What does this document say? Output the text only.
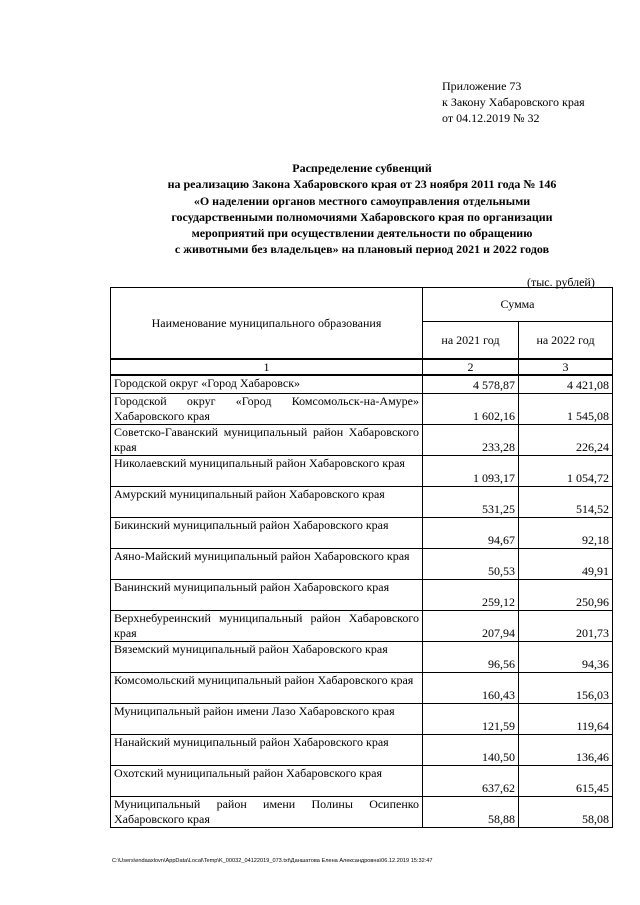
Приложение 73
к Закону Хабаровского края
от 04.12.2019 № 32
Распределение субвенций
на реализацию Закона Хабаровского края от 23 ноября 2011 года № 146
«О наделении органов местного самоуправления отдельными
государственными полномочиями Хабаровского края по организации
мероприятий при осуществлении деятельности по обращению
с животными без владельцев» на плановый период 2021 и 2022 годов
(тыс. рублей)
Наименование муниципального образования	Сумма	
	на 2021 год	на 2022 год
1	2	3
Городской округ «Город Хабаровск»	4 578,87	4 421,08
Городской округ «Город Комсомольск-на-Амуре» Хабаровского края	1 602,16	1 545,08
Советско-Гаванский муниципальный район Хабаровского края	233,28	226,24
Николаевский муниципальный район Хабаровского края	1 093,17	1 054,72
Амурский муниципальный район Хабаровского края	531,25	514,52
Бикинский муниципальный район Хабаровского края	94,67	92,18
Аяно-Майский муниципальный район Хабаровского края	50,53	49,91
Ванинский муниципальный район Хабаровского края	259,12	250,96
Верхнебуреинский муниципальный район Хабаровского края	207,94	201,73
Вяземский муниципальный район Хабаровского края	96,56	94,36
Комсомольский муниципальный район Хабаровского края	160,43	156,03
Муниципальный район имени Лазо Хабаровского края	121,59	119,64
Нанайский муниципальный район Хабаровского края	140,50	136,46
Охотский муниципальный район Хабаровского края	637,62	615,45
Муниципальный район имени Полины Осипенко Хабаровского края	58,88	58,08
C:\Users\endaaxlovn\AppData\Local\Temp\K_00032_04122019_073.txt\Даншатова Елена Александровна\06.12.2019 15:32:47
